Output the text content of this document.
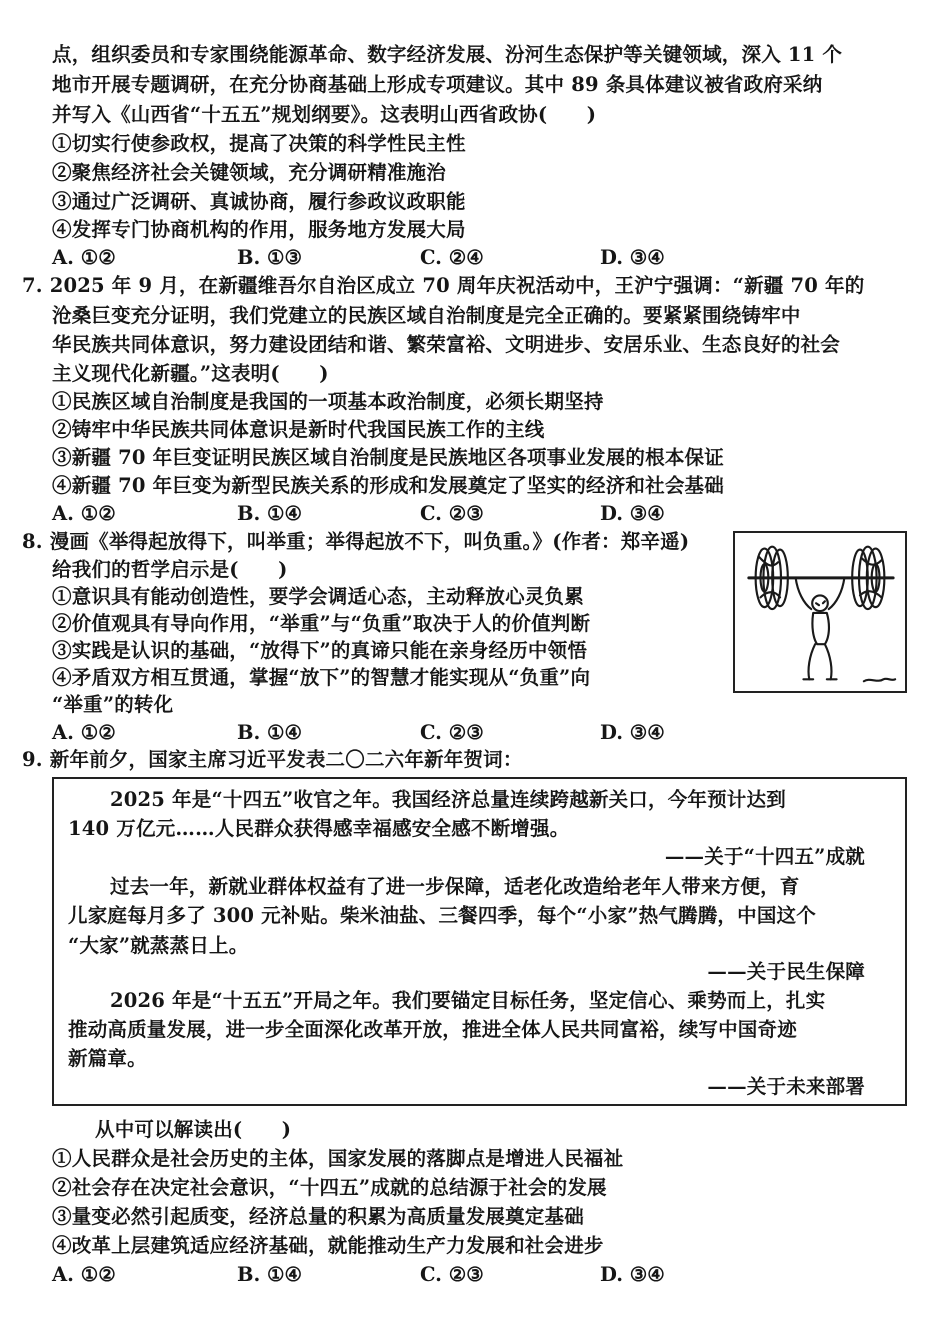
点，组织委员和专家围绕能源革命、数字经济发展、汾河生态保护等关键领域，深入 11 个
地市开展专题调研，在充分协商基础上形成专项建议。其中 89 条具体建议被省政府采纳
并写入《山西省“十五五”规划纲要》。这表明山西省政协(　　)
①切实行使参政权，提高了决策的科学性民主性
②聚焦经济社会关键领域，充分调研精准施治
③通过广泛调研、真诚协商，履行参政议政职能
④发挥专门协商机构的作用，服务地方发展大局
A. ①②	B. ①③	C. ②④	D. ③④
7. 2025 年 9 月，在新疆维吾尔自治区成立 70 周年庆祝活动中，王沪宁强调：“新疆 70 年的
沧桑巨变充分证明，我们党建立的民族区域自治制度是完全正确的。要紧紧围绕铸牢中
华民族共同体意识，努力建设团结和谐、繁荣富裕、文明进步、安居乐业、生态良好的社会
主义现代化新疆。”这表明(　　)
①民族区域自治制度是我国的一项基本政治制度，必须长期坚持
②铸牢中华民族共同体意识是新时代我国民族工作的主线
③新疆 70 年巨变证明民族区域自治制度是民族地区各项事业发展的根本保证
④新疆 70 年巨变为新型民族关系的形成和发展奠定了坚实的经济和社会基础
A. ①②	B. ①④	C. ②③	D. ③④
8. 漫画《举得起放得下，叫举重；举得起放不下，叫负重。》(作者：郑辛遥)
给我们的哲学启示是(　　)
①意识具有能动创造性，要学会调适心态，主动释放心灵负累
②价值观具有导向作用，“举重”与“负重”取决于人的价值判断
③实践是认识的基础，“放得下”的真谛只能在亲身经历中领悟
④矛盾双方相互贯通，掌握“放下”的智慧才能实现从“负重”向
“举重”的转化
A. ①②	B. ①④	C. ②③	D. ③④
9. 新年前夕，国家主席习近平发表二〇二六年新年贺词：
2025 年是“十四五”收官之年。我国经济总量连续跨越新关口，今年预计达到
140 万亿元……人民群众获得感幸福感安全感不断增强。
——关于“十四五”成就
过去一年，新就业群体权益有了进一步保障，适老化改造给老年人带来方便，育
儿家庭每月多了 300 元补贴。柴米油盐、三餐四季，每个“小家”热气腾腾，中国这个
“大家”就蒸蒸日上。
——关于民生保障
2026 年是“十五五”开局之年。我们要锚定目标任务，坚定信心、乘势而上，扎实
推动高质量发展，进一步全面深化改革开放，推进全体人民共同富裕，续写中国奇迹
新篇章。
——关于未来部署
从中可以解读出(　　)
①人民群众是社会历史的主体，国家发展的落脚点是增进人民福祉
②社会存在决定社会意识，“十四五”成就的总结源于社会的发展
③量变必然引起质变，经济总量的积累为高质量发展奠定基础
④改革上层建筑适应经济基础，就能推动生产力发展和社会进步
A. ①②	B. ①④	C. ②③	D. ③④
